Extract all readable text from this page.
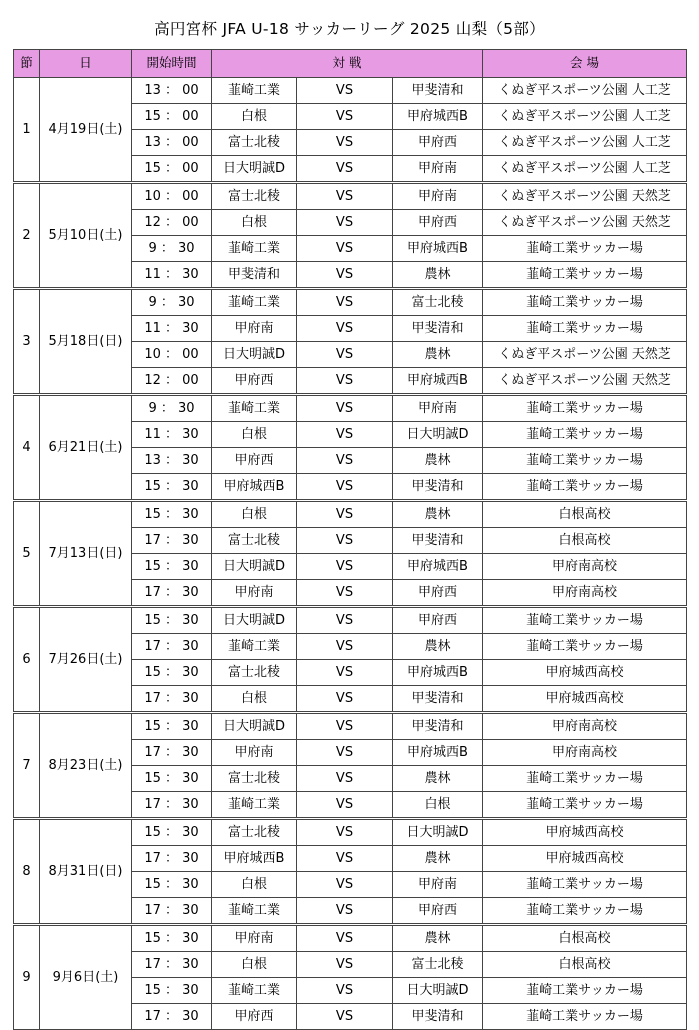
高円宮杯 JFA U-18 サッカーリーグ 2025 山梨（5部）
節	日	開始時間	対 戦			会 場
1	4月19日(土)	13 ： 00	韮崎工業	VS	甲斐清和	くぬぎ平スポーツ公園 人工芝
		15 ： 00	白根	VS	甲府城西B	くぬぎ平スポーツ公園 人工芝
		13 ： 00	富士北稜	VS	甲府西	くぬぎ平スポーツ公園 人工芝
		15 ： 00	日大明誠D	VS	甲府南	くぬぎ平スポーツ公園 人工芝
2	5月10日(土)	10 ： 00	富士北稜	VS	甲府南	くぬぎ平スポーツ公園 天然芝
		12 ： 00	白根	VS	甲府西	くぬぎ平スポーツ公園 天然芝
		9 ： 30	韮崎工業	VS	甲府城西B	韮崎工業サッカー場
		11 ： 30	甲斐清和	VS	農林	韮崎工業サッカー場
3	5月18日(日)	9 ： 30	韮崎工業	VS	富士北稜	韮崎工業サッカー場
		11 ： 30	甲府南	VS	甲斐清和	韮崎工業サッカー場
		10 ： 00	日大明誠D	VS	農林	くぬぎ平スポーツ公園 天然芝
		12 ： 00	甲府西	VS	甲府城西B	くぬぎ平スポーツ公園 天然芝
4	6月21日(土)	9 ： 30	韮崎工業	VS	甲府南	韮崎工業サッカー場
		11 ： 30	白根	VS	日大明誠D	韮崎工業サッカー場
		13 ： 30	甲府西	VS	農林	韮崎工業サッカー場
		15 ： 30	甲府城西B	VS	甲斐清和	韮崎工業サッカー場
5	7月13日(日)	15 ： 30	白根	VS	農林	白根高校
		17 ： 30	富士北稜	VS	甲斐清和	白根高校
		15 ： 30	日大明誠D	VS	甲府城西B	甲府南高校
		17 ： 30	甲府南	VS	甲府西	甲府南高校
6	7月26日(土)	15 ： 30	日大明誠D	VS	甲府西	韮崎工業サッカー場
		17 ： 30	韮崎工業	VS	農林	韮崎工業サッカー場
		15 ： 30	富士北稜	VS	甲府城西B	甲府城西高校
		17 ： 30	白根	VS	甲斐清和	甲府城西高校
7	8月23日(土)	15 ： 30	日大明誠D	VS	甲斐清和	甲府南高校
		17 ： 30	甲府南	VS	甲府城西B	甲府南高校
		15 ： 30	富士北稜	VS	農林	韮崎工業サッカー場
		17 ： 30	韮崎工業	VS	白根	韮崎工業サッカー場
8	8月31日(日)	15 ： 30	富士北稜	VS	日大明誠D	甲府城西高校
		17 ： 30	甲府城西B	VS	農林	甲府城西高校
		15 ： 30	白根	VS	甲府南	韮崎工業サッカー場
		17 ： 30	韮崎工業	VS	甲府西	韮崎工業サッカー場
9	9月6日(土)	15 ： 30	甲府南	VS	農林	白根高校
		17 ： 30	白根	VS	富士北稜	白根高校
		15 ： 30	韮崎工業	VS	日大明誠D	韮崎工業サッカー場
		17 ： 30	甲府西	VS	甲斐清和	韮崎工業サッカー場
